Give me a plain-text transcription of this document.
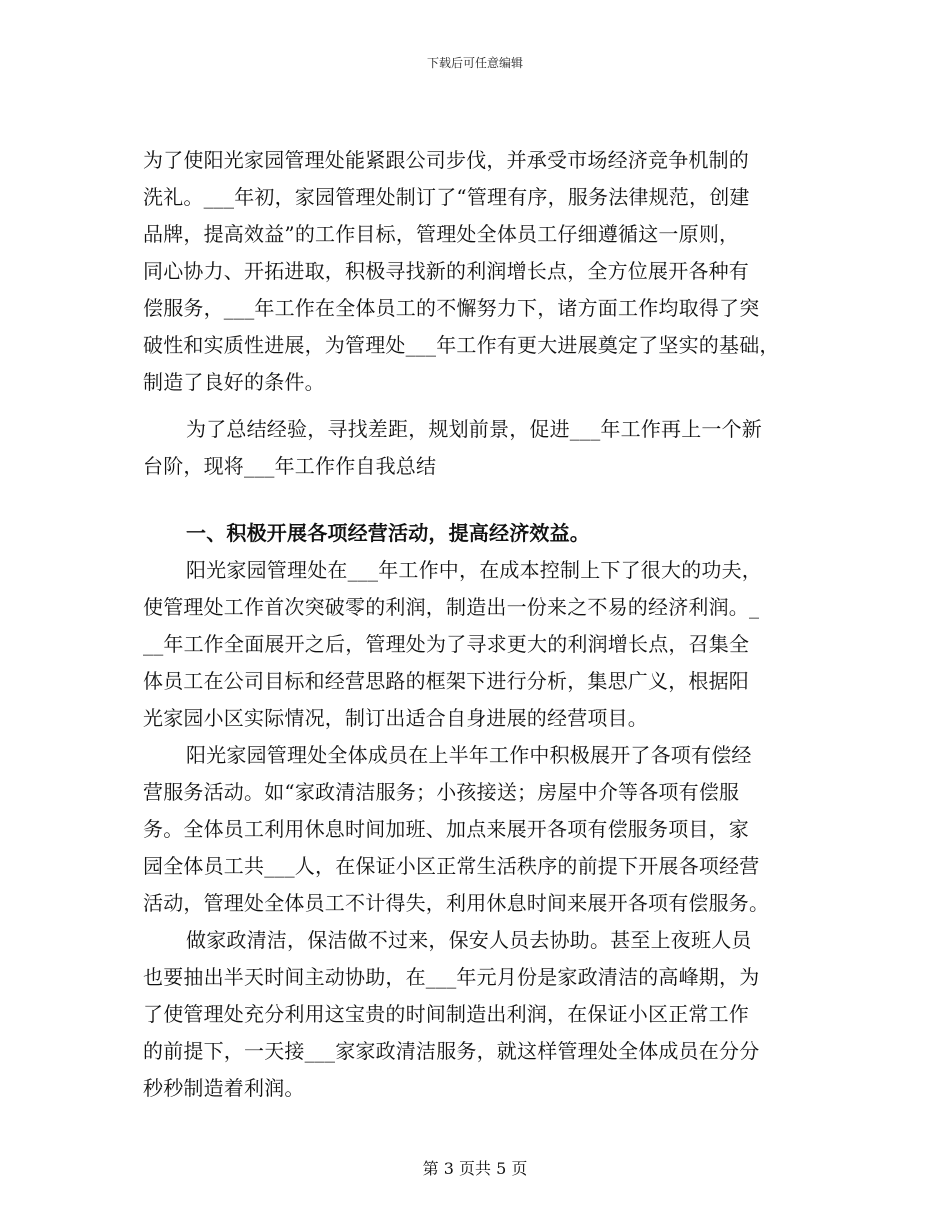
下载后可任意编辑
为了使阳光家园管理处能紧跟公司步伐，并承受市场经济竞争机制的
洗礼。___年初，家园管理处制订了“管理有序，服务法律规范，创建
品牌，提高效益”的工作目标，管理处全体员工仔细遵循这一原则，
同心协力、开拓进取，积极寻找新的利润增长点，全方位展开各种有
偿服务，___年工作在全体员工的不懈努力下，诸方面工作均取得了突
破性和实质性进展，为管理处___年工作有更大进展奠定了坚实的基础，
制造了良好的条件。
为了总结经验，寻找差距，规划前景，促进___年工作再上一个新
台阶，现将___年工作作自我总结
一、积极开展各项经营活动，提高经济效益。
阳光家园管理处在___年工作中，在成本控制上下了很大的功夫，
使管理处工作首次突破零的利润，制造出一份来之不易的经济利润。_
__年工作全面展开之后，管理处为了寻求更大的利润增长点，召集全
体员工在公司目标和经营思路的框架下进行分析，集思广义，根据阳
光家园小区实际情况，制订出适合自身进展的经营项目。
阳光家园管理处全体成员在上半年工作中积极展开了各项有偿经
营服务活动。如“家政清洁服务；小孩接送；房屋中介等各项有偿服
务。全体员工利用休息时间加班、加点来展开各项有偿服务项目，家
园全体员工共___人，在保证小区正常生活秩序的前提下开展各项经营
活动，管理处全体员工不计得失，利用休息时间来展开各项有偿服务。
做家政清洁，保洁做不过来，保安人员去协助。甚至上夜班人员
也要抽出半天时间主动协助，在___年元月份是家政清洁的高峰期，为
了使管理处充分利用这宝贵的时间制造出利润，在保证小区正常工作
的前提下，一天接___家家政清洁服务，就这样管理处全体成员在分分
秒秒制造着利润。
第 3 页共 5 页
